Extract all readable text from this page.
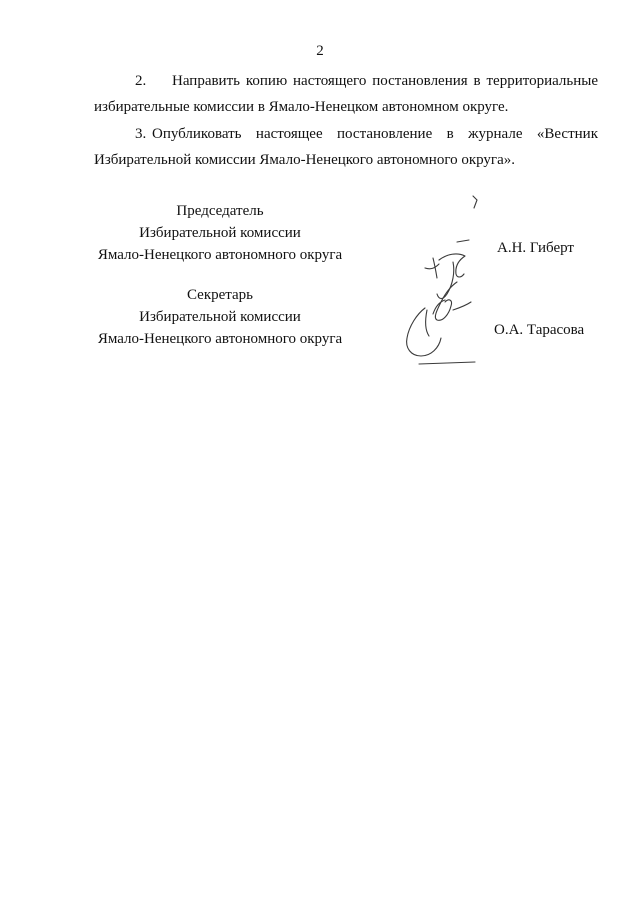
2
2. Направить копию настоящего постановления в территориальные избирательные комиссии в Ямало-Ненецком автономном округе.
3. Опубликовать настоящее постановление в журнале «Вестник Избирательной комиссии Ямало-Ненецкого автономного округа».
Председатель
Избирательной комиссии
Ямало-Ненецкого автономного округа	А.Н. Гиберт
Секретарь
Избирательной комиссии
Ямало-Ненецкого автономного округа
О.А. Тарасова
